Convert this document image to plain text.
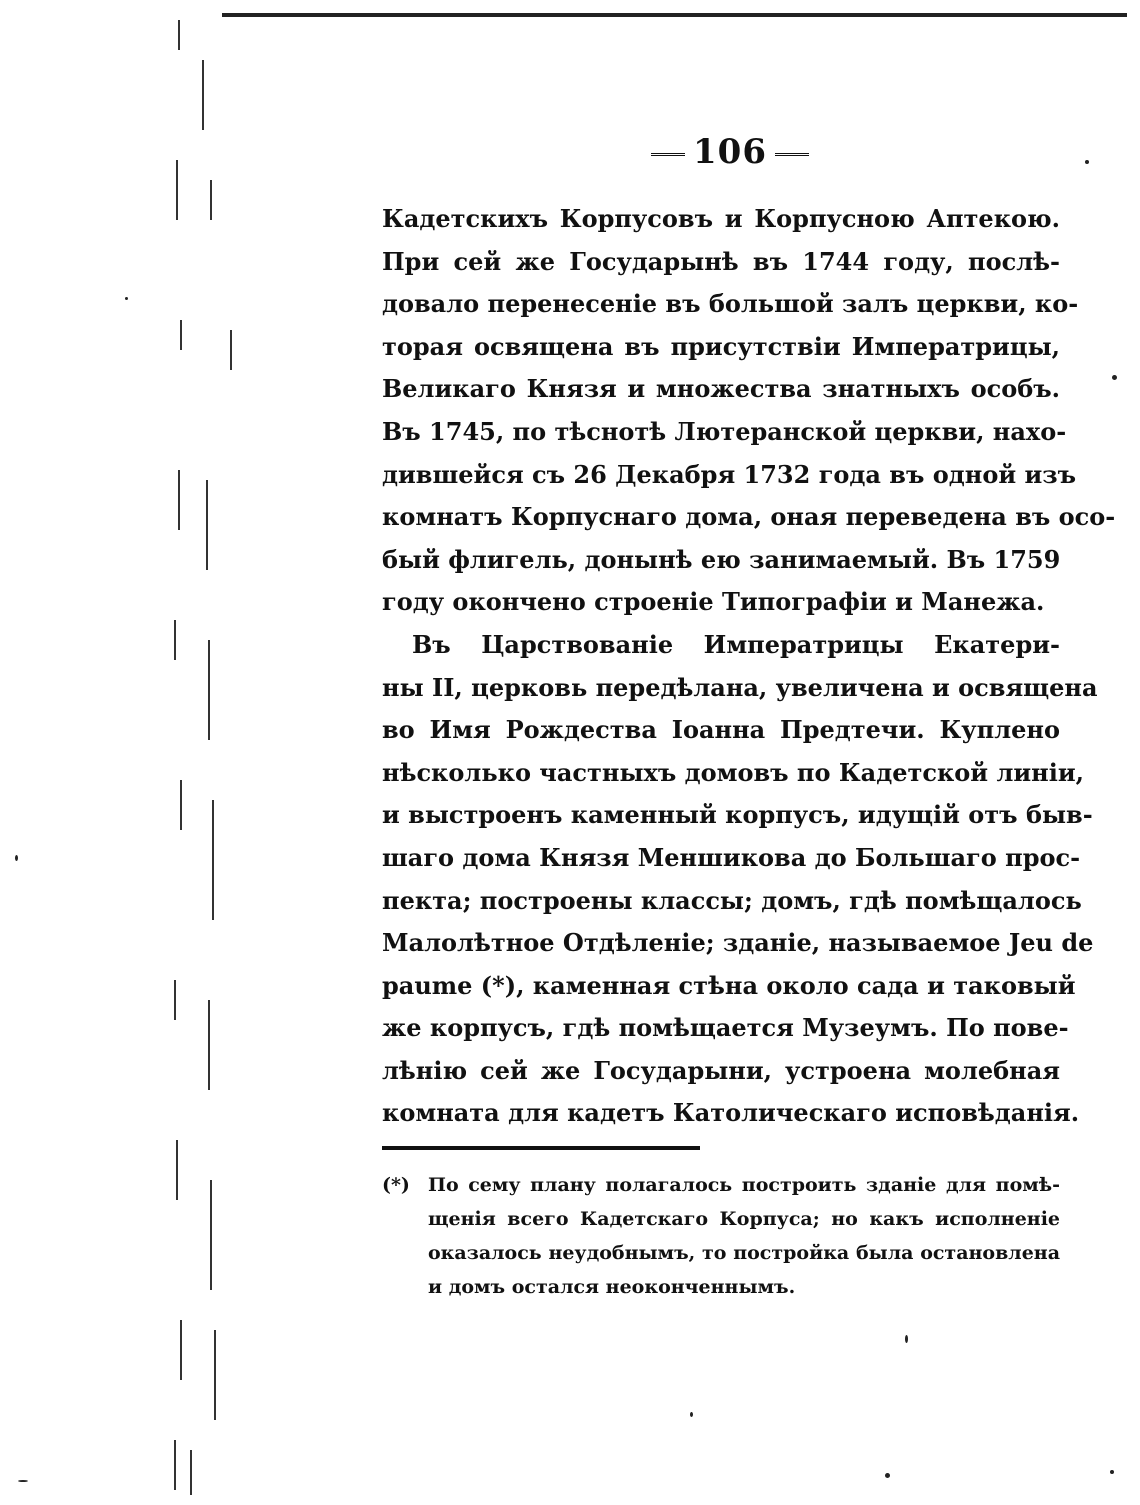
106
Кадетскихъ Корпусовъ и Корпусною Аптекою.
При сей же Государынѣ въ 1744 году, послѣ-
довало перенесеніе въ большой залъ церкви, ко-
торая освящена въ присутствіи Императрицы,
Великаго Князя и множества знатныхъ особъ.
Въ 1745, по тѣснотѣ Лютеранской церкви, нахо-
дившейся съ 26 Декабря 1732 года въ одной изъ
комнатъ Корпуснаго дома, оная переведена въ осо-
бый флигель, донынѣ ею занимаемый. Въ 1759
году окончено строеніе Типографіи и Манежа.
Въ Царствованіе Императрицы Екатери-
ны II, церковь передѣлана, увеличена и освящена
во Имя Рождества Іоанна Предтечи. Куплено
нѣсколько частныхъ домовъ по Кадетской линіи,
и выстроенъ каменный корпусъ, идущій отъ быв-
шаго дома Князя Меншикова до Большаго прос-
пекта; построены классы; домъ, гдѣ помѣщалось
Малолѣтное Отдѣленіе; зданіе, называемое Jeu de
paume (*), каменная стѣна около сада и таковый
же корпусъ, гдѣ помѣщается Музеумъ. По пове-
лѣнію сей же Государыни, устроена молебная
комната для кадетъ Католическаго исповѣданія.
(*) По сему плану полагалось построить зданіе для помѣ-
щенія всего Кадетскаго Корпуса; но какъ исполненіе
оказалось неудобнымъ, то постройка была остановлена
и домъ остался неоконченнымъ.
